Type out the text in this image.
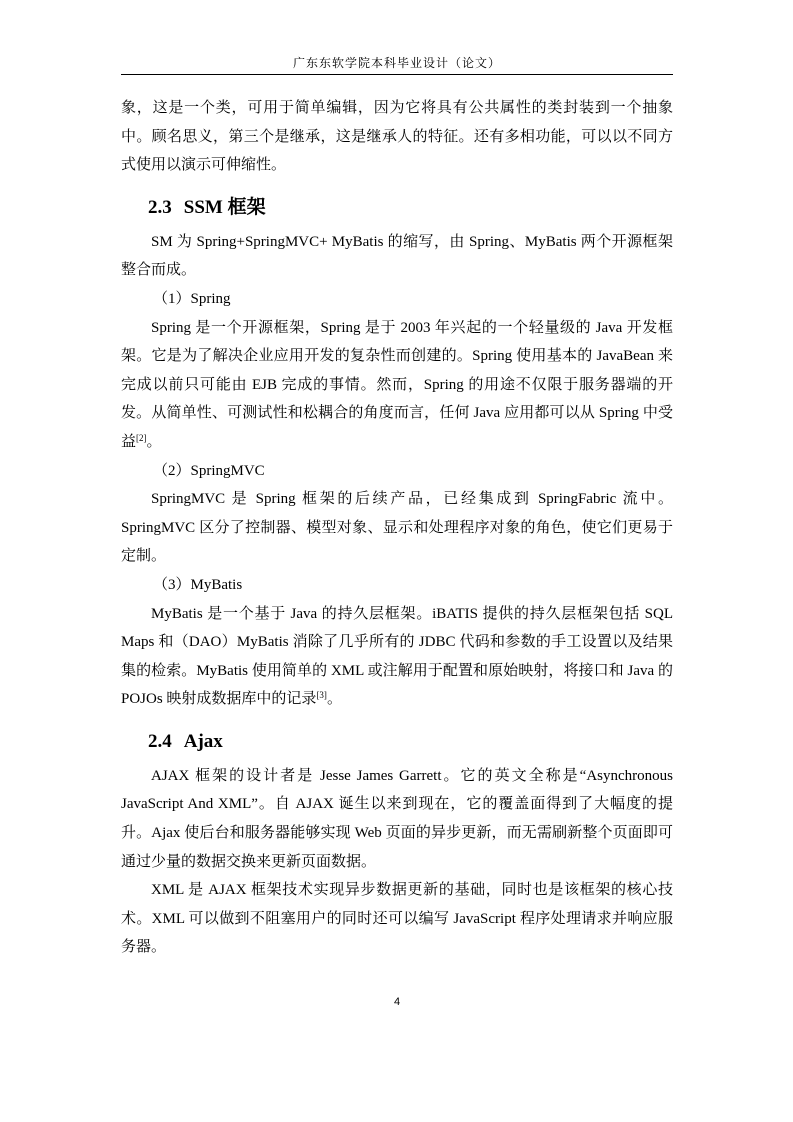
广东东软学院本科毕业设计（论文）

象，这是一个类，可用于简单编辑，因为它将具有公共属性的类封装到一个抽象中。顾名思义，第三个是继承，这是继承人的特征。还有多相功能，可以以不同方式使用以演示可伸缩性。

2.3 SSM 框架

SM 为 Spring+SpringMVC+ MyBatis 的缩写，由 Spring、MyBatis 两个开源框架整合而成。

（1）Spring

Spring 是一个开源框架，Spring 是于 2003 年兴起的一个轻量级的 Java 开发框架。它是为了解决企业应用开发的复杂性而创建的。Spring 使用基本的 JavaBean 来完成以前只可能由 EJB 完成的事情。然而，Spring 的用途不仅限于服务器端的开发。从简单性、可测试性和松耦合的角度而言，任何 Java 应用都可以从 Spring 中受益[2]。

（2）SpringMVC

SpringMVC 是 Spring 框架的后续产品，已经集成到 SpringFabric 流中。SpringMVC 区分了控制器、模型对象、显示和处理程序对象的角色，使它们更易于定制。

（3）MyBatis

MyBatis 是一个基于 Java 的持久层框架。iBATIS 提供的持久层框架包括 SQL Maps 和（DAO）MyBatis 消除了几乎所有的 JDBC 代码和参数的手工设置以及结果集的检索。MyBatis 使用简单的 XML 或注解用于配置和原始映射，将接口和 Java 的 POJOs 映射成数据库中的记录[3]。

2.4 Ajax

AJAX 框架的设计者是 Jesse James Garrett。它的英文全称是“Asynchronous JavaScript And XML”。自 AJAX 诞生以来到现在，它的覆盖面得到了大幅度的提升。Ajax 使后台和服务器能够实现 Web 页面的异步更新，而无需刷新整个页面即可通过少量的数据交换来更新页面数据。

XML 是 AJAX 框架技术实现异步数据更新的基础，同时也是该框架的核心技术。XML 可以做到不阻塞用户的同时还可以编写 JavaScript 程序处理请求并响应服务器。

4
